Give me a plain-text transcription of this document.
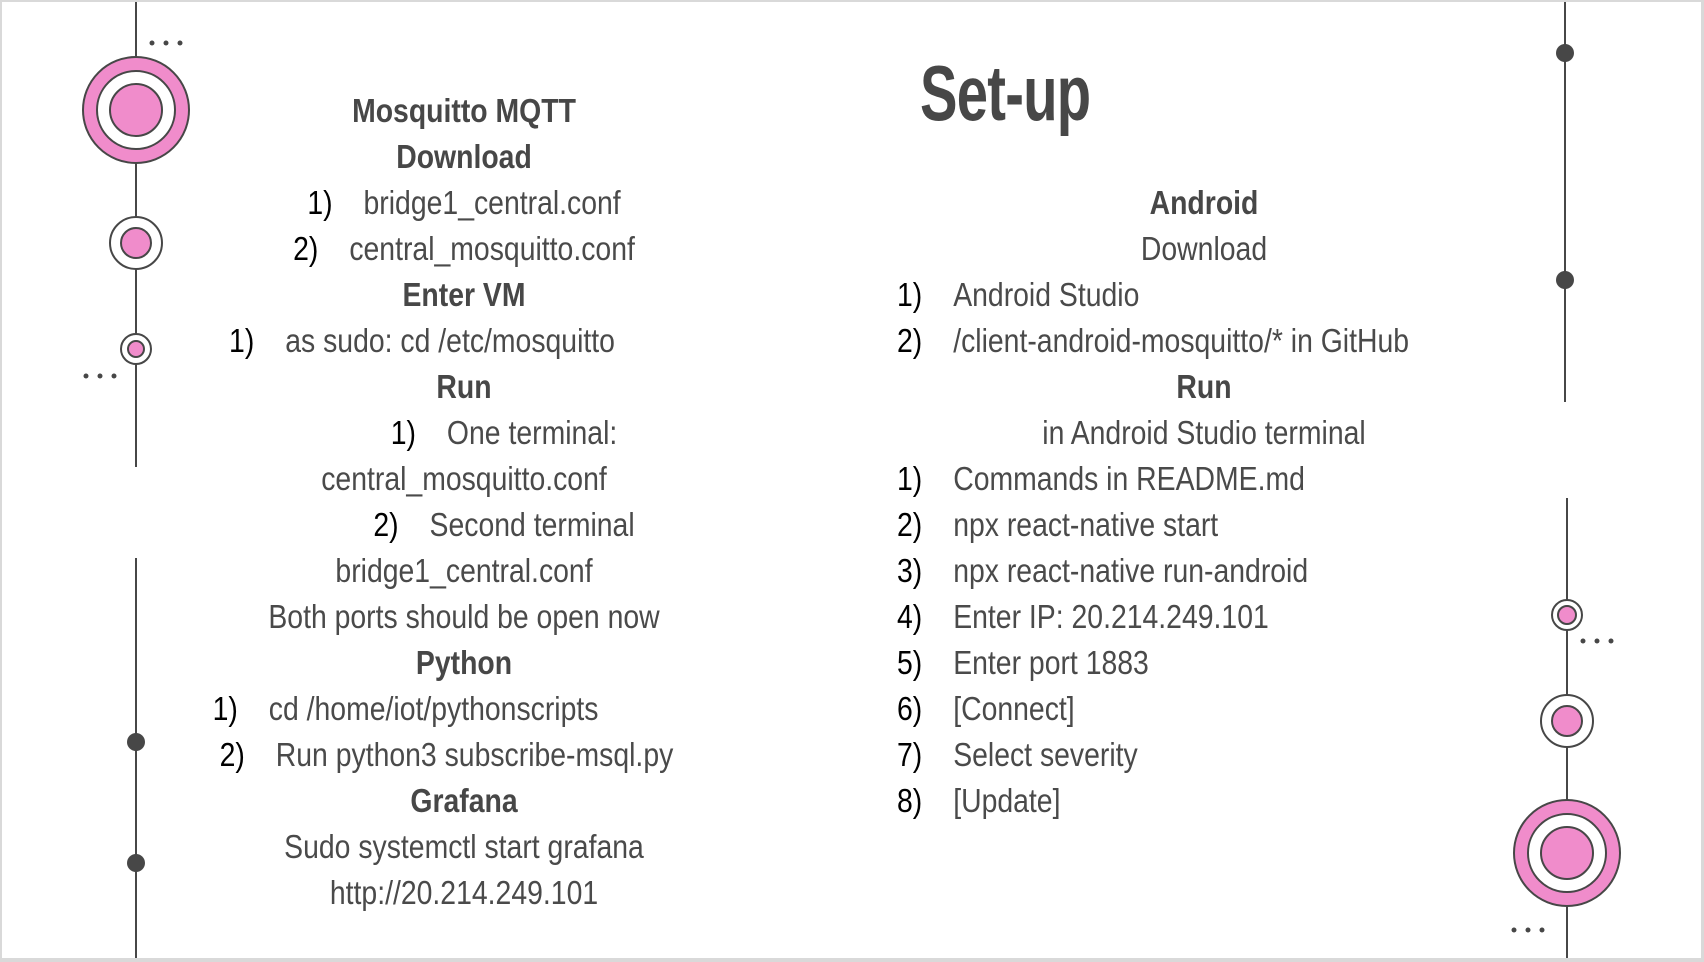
Set-up
Mosquitto MQTT
Download
1) bridge1_central.conf
2) central_mosquitto.conf
Enter VM
1) as sudo: cd /etc/mosquitto
Run
1) One terminal:
central_mosquitto.conf
2) Second terminal
bridge1_central.conf
Both ports should be open now
Python
1) cd /home/iot/pythonscripts
2) Run python3 subscribe-msql.py
Grafana
Sudo systemctl start grafana
http://20.214.249.101
Android
Download
1) Android Studio
2) /client-android-mosquitto/* in GitHub
Run
in Android Studio terminal
1) Commands in README.md
2) npx react-native start
3) npx react-native run-android
4) Enter IP: 20.214.249.101
5) Enter port 1883
6) [Connect]
7) Select severity
8) [Update]
